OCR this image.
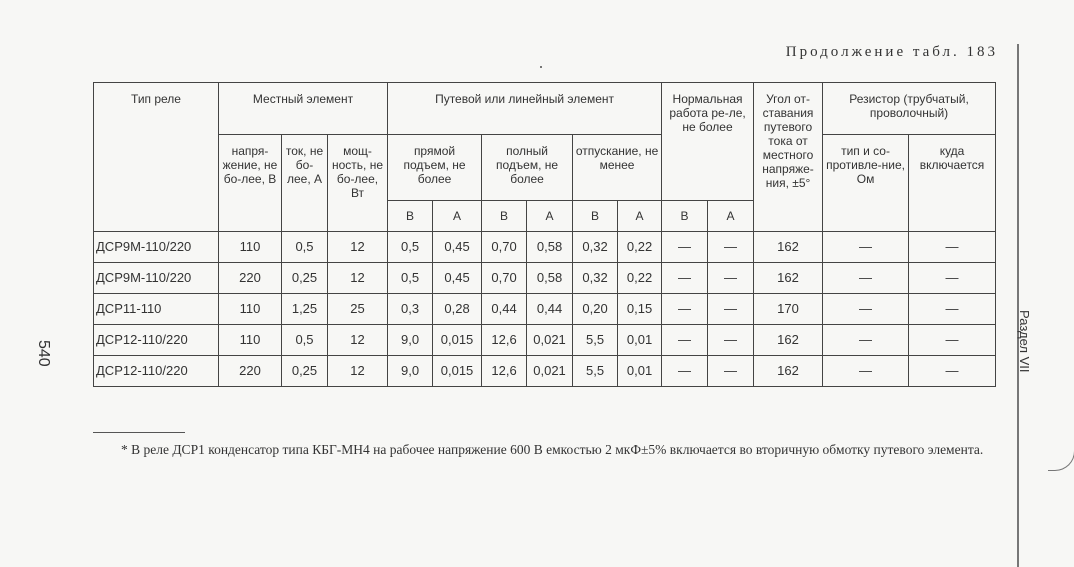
Продолжение табл. 183
Раздел VII
540
Тип реле	Местный элемент			Путевой или линейный элемент						Нормальная работа ре-ле, не более		Угол от-ставания путевого тока от местного напряже-ния, ±5°	Резистор (трубчатый, проволочный)	
	напря-жение, не бо-лее, В	ток, не бо-лее, А	мощ-ность, не бо-лее, Вт	прямой подъем, не более		полный подъем, не более		отпускание, не менее					тип и со-противле-ние, Ом	куда включается
				В	А	В	А	В	А	В	А			
ДСР9М-110/220	110	0,5	12	0,5	0,45	0,70	0,58	0,32	0,22	—	—	162	—	—
ДСР9М-110/220	220	0,25	12	0,5	0,45	0,70	0,58	0,32	0,22	—	—	162	—	—
ДСР11-110	110	1,25	25	0,3	0,28	0,44	0,44	0,20	0,15	—	—	170	—	—
ДСР12-110/220	110	0,5	12	9,0	0,015	12,6	0,021	5,5	0,01	—	—	162	—	—
ДСР12-110/220	220	0,25	12	9,0	0,015	12,6	0,021	5,5	0,01	—	—	162	—	—
* В реле ДСР1 конденсатор типа КБГ-МН4 на рабочее напряжение 600 В емкостью 2 мкФ±5% включается во вторичную обмотку путевого элемента.
